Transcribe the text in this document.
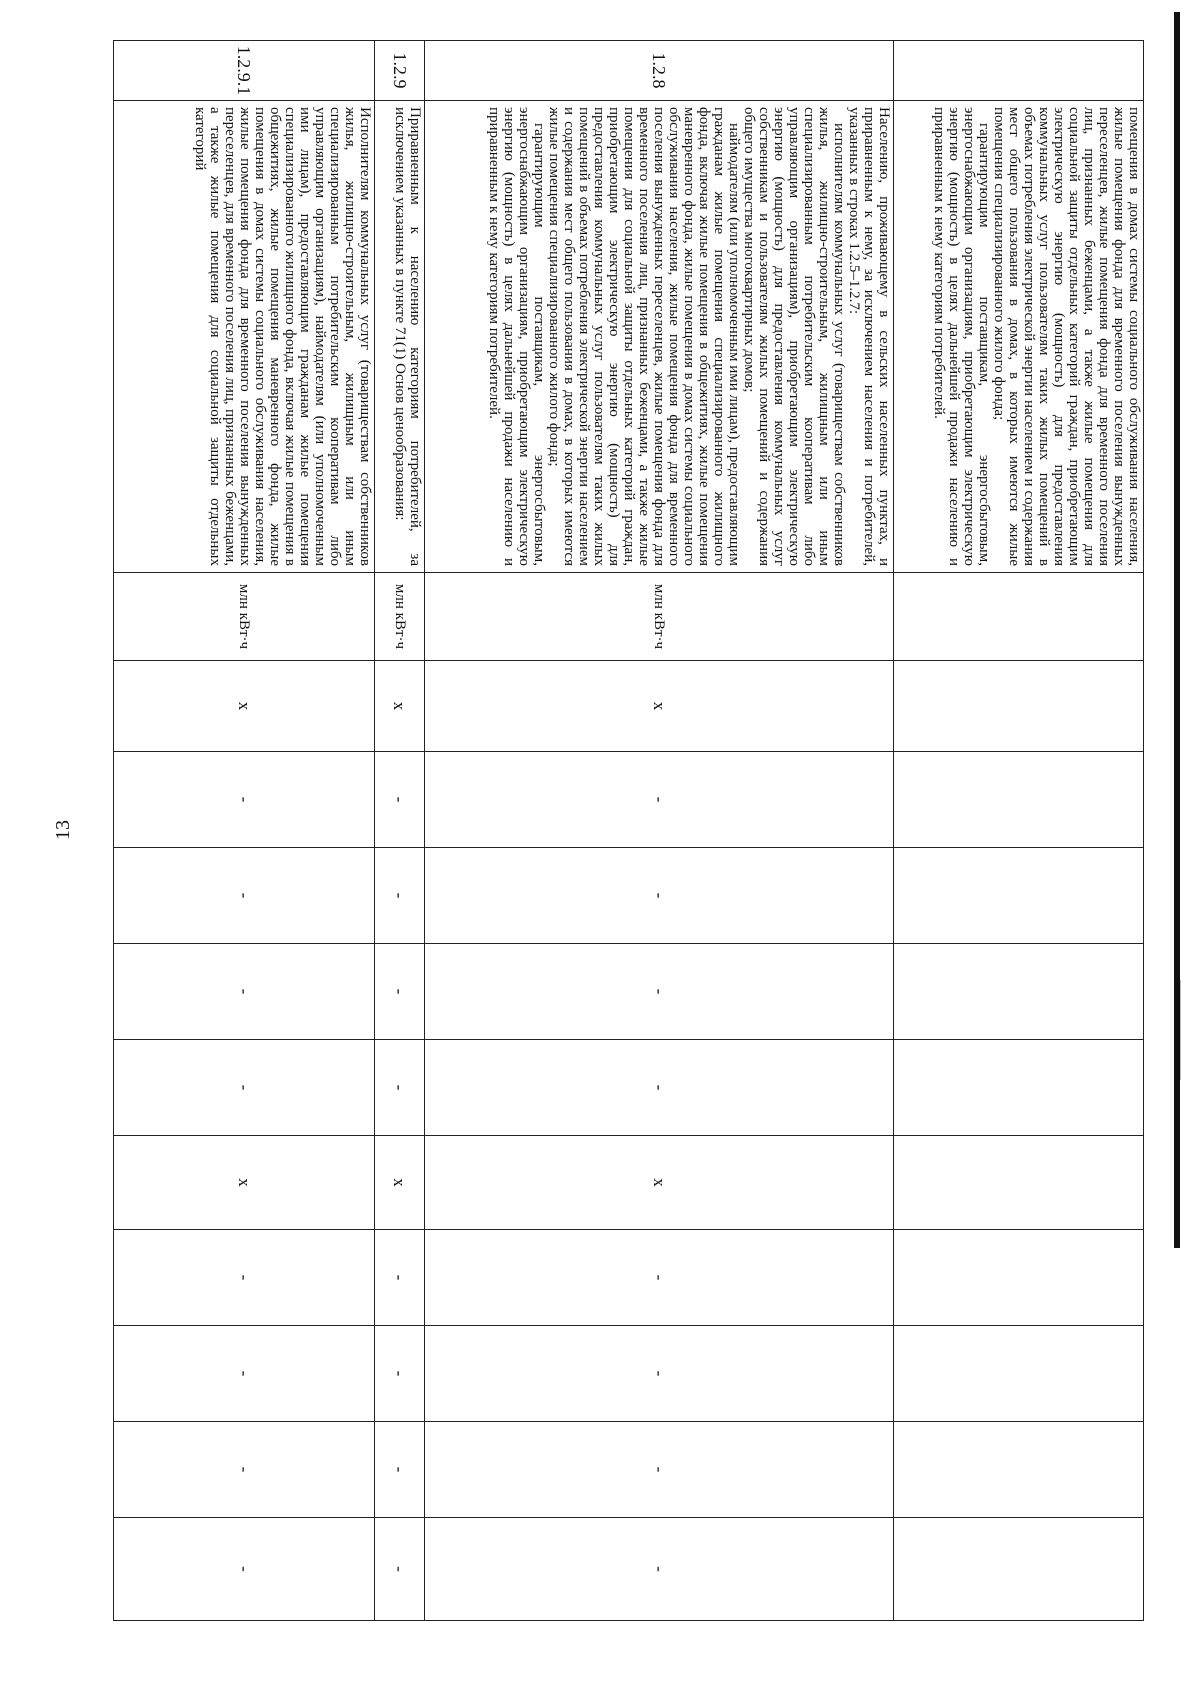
13

	помещения в домах системы социального обслуживания населения, жилые помещения фонда для временного поселения вынужденных переселенцев, жилые помещения фонда для временного поселения лиц, признанных беженцами, а также жилые помещения для социальной защиты отдельных категорий граждан, приобретающим электрическую энергию (мощность) для предоставления коммунальных услуг пользователям таких жилых помещений в объемах потребления электрической энергии населением и содержания мест общего пользования в домах, в которых имеются жилые помещения специализированного жилого фонда;

гарантирующим поставщикам, энергосбытовым, энергоснабжающим организациям, приобретающим электрическую энергию (мощность) в целях дальнейшей продажи населению и приравненным к нему категориям потребителей.											

1.2.8	Населению, проживающему в сельских населенных пунктах, и приравненным к нему, за исключением населения и потребителей, указанных в строках 1.2.5–1.2.7:

исполнителям коммунальных услуг (товариществам собственников жилья, жилищно-строительным, жилищным или иным специализированным потребительским кооперативам либо управляющим организациям), приобретающим электрическую энергию (мощность) для предоставления коммунальных услуг собственникам и пользователям жилых помещений и содержания общего имущества многоквартирных домов;

наймодателям (или уполномоченным ими лицам), предоставляющим гражданам жилые помещения специализированного жилищного фонда, включая жилые помещения в общежитиях, жилые помещения маневренного фонда, жилые помещения в домах системы социального обслуживания населения, жилые помещения фонда для временного поселения вынужденных переселенцев, жилые помещения фонда для временного поселения лиц, признанных беженцами, а также жилые помещения для социальной защиты отдельных категорий граждан, приобретающим электрическую энергию (мощность) для предоставления коммунальных услуг пользователям таких жилых помещений в объемах потребления электрической энергии населением и содержания мест общего пользования в домах, в которых имеются жилые помещения специализированного жилого фонда;

гарантирующим поставщикам, энергосбытовым, энергоснабжающим организациям, приобретающим электрическую энергию (мощность) в целях дальнейшей продажи населению и приравненным к нему категориям потребителей.	млн кВт·ч	x	-	-	-	-	x	-	-	-	-
1.2.9	Приравненным к населению категориям потребителей, за исключением указанных в пункте 71(1) Основ ценообразования:	млн кВт·ч	x	-	-	-	-	x	-	-	-	-
1.2.9.1	Исполнителям коммунальных услуг (товариществам собственников жилья, жилищно-строительным, жилищным или иным специализированным потребительским кооперативам либо управляющим организациям), наймодателям (или уполномоченным ими лицам), предоставляющим гражданам жилые помещения специализированного жилищного фонда, включая жилые помещения в общежитиях, жилые помещения маневренного фонда, жилые помещения в домах системы социального обслуживания населения, жилые помещения фонда для временного поселения вынужденных переселенцев, для временного поселения лиц, признанных беженцами, а также жилые помещения для социальной защиты отдельных категорий	млн кВт·ч	x	-	-	-	-	x	-	-	-	-
